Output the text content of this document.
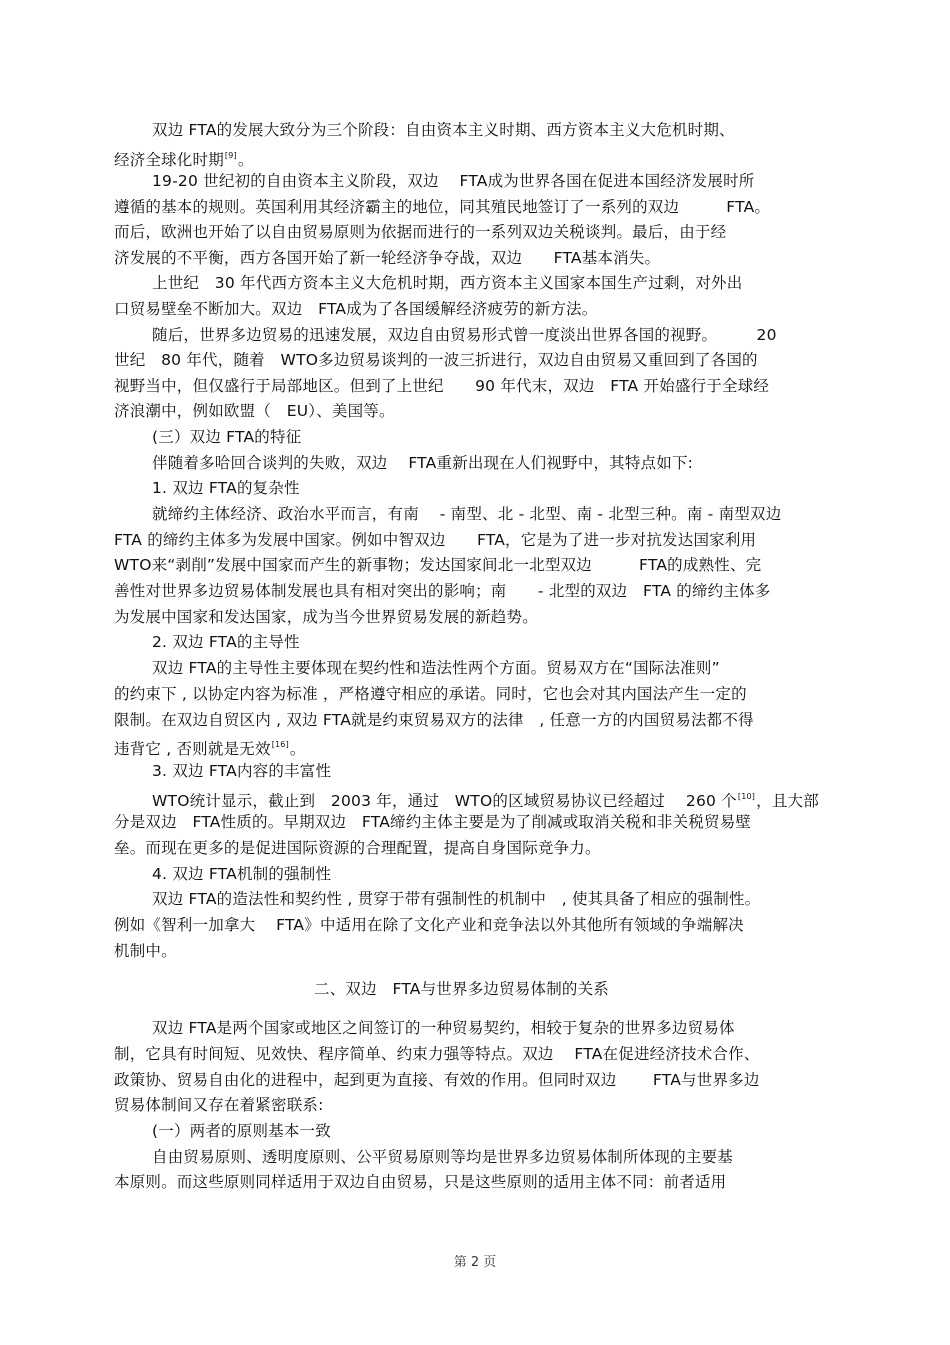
双边 FTA的发展大致分为三个阶段：自由资本主义时期、西方资本主义大危机时期、
经济全球化时期[9]。
19-20 世纪初的自由资本主义阶段，双边　 FTA成为世界各国在促进本国经济发展时所
遵循的基本的规则。英国利用其经济霸主的地位，同其殖民地签订了一系列的双边　　　FTA。
而后，欧洲也开始了以自由贸易原则为依据而进行的一系列双边关税谈判。最后，由于经
济发展的不平衡，西方各国开始了新一轮经济争夺战，双边　　FTA基本消失。
上世纪　30 年代西方资本主义大危机时期，西方资本主义国家本国生产过剩，对外出
口贸易壁垒不断加大。双边　FTA成为了各国缓解经济疲劳的新方法。
随后，世界多边贸易的迅速发展，双边自由贸易形式曾一度淡出世界各国的视野。　　　20
世纪　80 年代，随着　WTO多边贸易谈判的一波三折进行，双边自由贸易又重回到了各国的
视野当中，但仅盛行于局部地区。但到了上世纪　　90 年代末，双边　FTA 开始盛行于全球经
济浪潮中，例如欧盟（　EU）、美国等。
(三）双边 FTA的特征
伴随着多哈回合谈判的失败，双边　 FTA重新出现在人们视野中，其特点如下:
1. 双边 FTA的复杂性
就缔约主体经济、政治水平而言，有南　 - 南型、北 - 北型、南 - 北型三种。南 - 南型双边
FTA 的缔约主体多为发展中国家。例如中智双边　　FTA，它是为了进一步对抗发达国家利用
WTO来“剥削”发展中国家而产生的新事物；发达国家间北一北型双边　　　FTA的成熟性、完
善性对世界多边贸易体制发展也具有相对突出的影响；南　　- 北型的双边　FTA 的缔约主体多
为发展中国家和发达国家，成为当今世界贸易发展的新趋势。
2. 双边 FTA的主导性
双边 FTA的主导性主要体现在契约性和造法性两个方面。贸易双方在“国际法准则”
的约束下 , 以协定内容为标准 ，严格遵守相应的承诺。同时，它也会对其内国法产生一定的
限制。在双边自贸区内 , 双边 FTA就是约束贸易双方的法律　, 任意一方的内国贸易法都不得
违背它 , 否则就是无效[16]。
3. 双边 FTA内容的丰富性
WTO统计显示，截止到　2003 年，通过　WTO的区域贸易协议已经超过　 260 个[10]，且大部
分是双边　FTA性质的。早期双边　FTA缔约主体主要是为了削减或取消关税和非关税贸易壁
垒。而现在更多的是促进国际资源的合理配置，提高自身国际竞争力。
4. 双边 FTA机制的强制性
双边 FTA的造法性和契约性 , 贯穿于带有强制性的机制中　, 使其具备了相应的强制性。
例如《智利一加拿大　 FTA》中适用在除了文化产业和竞争法以外其他所有领域的争端解决
机制中。
二、双边　FTA与世界多边贸易体制的关系
双边 FTA是两个国家或地区之间签订的一种贸易契约，相较于复杂的世界多边贸易体
制，它具有时间短、见效快、程序简单、约束力强等特点。双边　 FTA在促进经济技术合作、
政策协、贸易自由化的进程中，起到更为直接、有效的作用。但同时双边　　 FTA与世界多边
贸易体制间又存在着紧密联系:
(一）两者的原则基本一致
自由贸易原则、透明度原则、公平贸易原则等均是世界多边贸易体制所体现的主要基
本原则。而这些原则同样适用于双边自由贸易，只是这些原则的适用主体不同：前者适用
第 2 页
